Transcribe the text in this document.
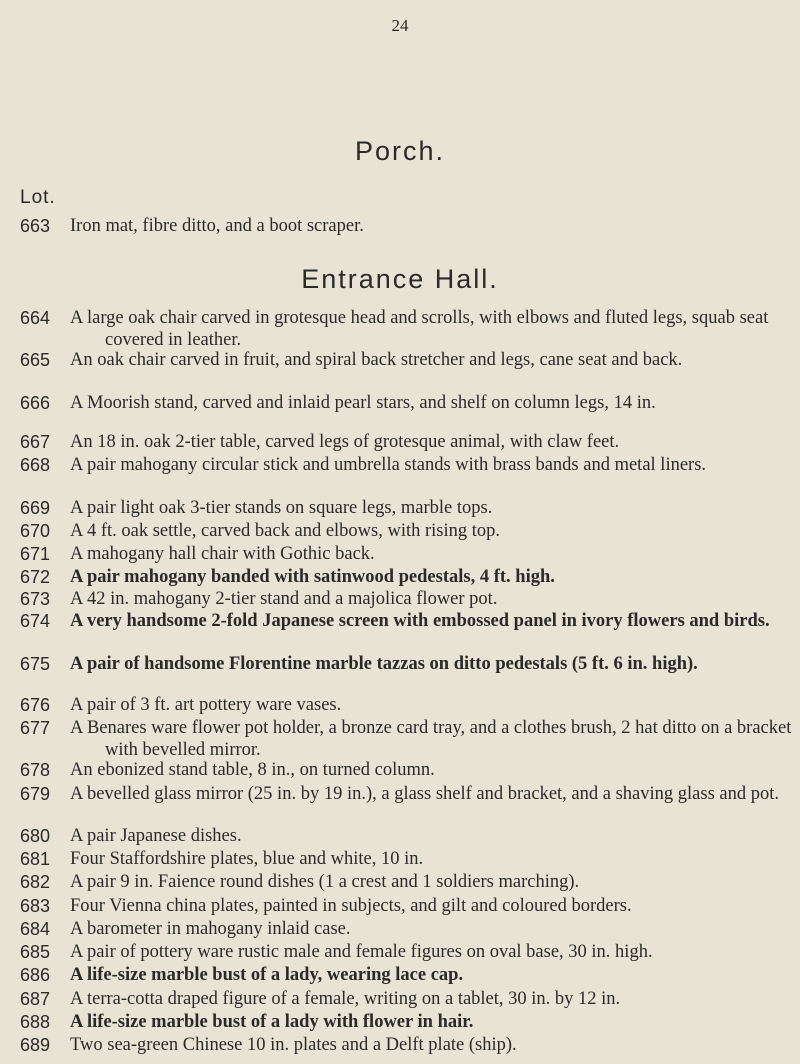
24
Porch.
Lot.
663	Iron mat, fibre ditto, and a boot scraper.
Entrance Hall.
664	A large oak chair carved in grotesque head and scrolls, with elbows and fluted legs, squab seat covered in leather.
665	An oak chair carved in fruit, and spiral back stretcher and legs, cane seat and back.
666	A Moorish stand, carved and inlaid pearl stars, and shelf on column legs, 14 in.
667	An 18 in. oak 2-tier table, carved legs of grotesque animal, with claw feet.
668	A pair mahogany circular stick and umbrella stands with brass bands and metal liners.
669	A pair light oak 3-tier stands on square legs, marble tops.
670	A 4 ft. oak settle, carved back and elbows, with rising top.
671	A mahogany hall chair with Gothic back.
672	A pair mahogany banded with satinwood pedestals, 4 ft. high.
673	A 42 in. mahogany 2-tier stand and a majolica flower pot.
674	A very handsome 2-fold Japanese screen with embossed panel in ivory flowers and birds.
675	A pair of handsome Florentine marble tazzas on ditto pedestals (5 ft. 6 in. high).
676	A pair of 3 ft. art pottery ware vases.
677	A Benares ware flower pot holder, a bronze card tray, and a clothes brush, 2 hat ditto on a bracket with bevelled mirror.
678	An ebonized stand table, 8 in., on turned column.
679	A bevelled glass mirror (25 in. by 19 in.), a glass shelf and bracket, and a shaving glass and pot.
680	A pair Japanese dishes.
681	Four Staffordshire plates, blue and white, 10 in.
682	A pair 9 in. Faience round dishes (1 a crest and 1 soldiers marching).
683	Four Vienna china plates, painted in subjects, and gilt and coloured borders.
684	A barometer in mahogany inlaid case.
685	A pair of pottery ware rustic male and female figures on oval base, 30 in. high.
686	A life-size marble bust of a lady, wearing lace cap.
687	A terra-cotta draped figure of a female, writing on a tablet, 30 in. by 12 in.
688	A life-size marble bust of a lady with flower in hair.
689	Two sea-green Chinese 10 in. plates and a Delft plate (ship).
